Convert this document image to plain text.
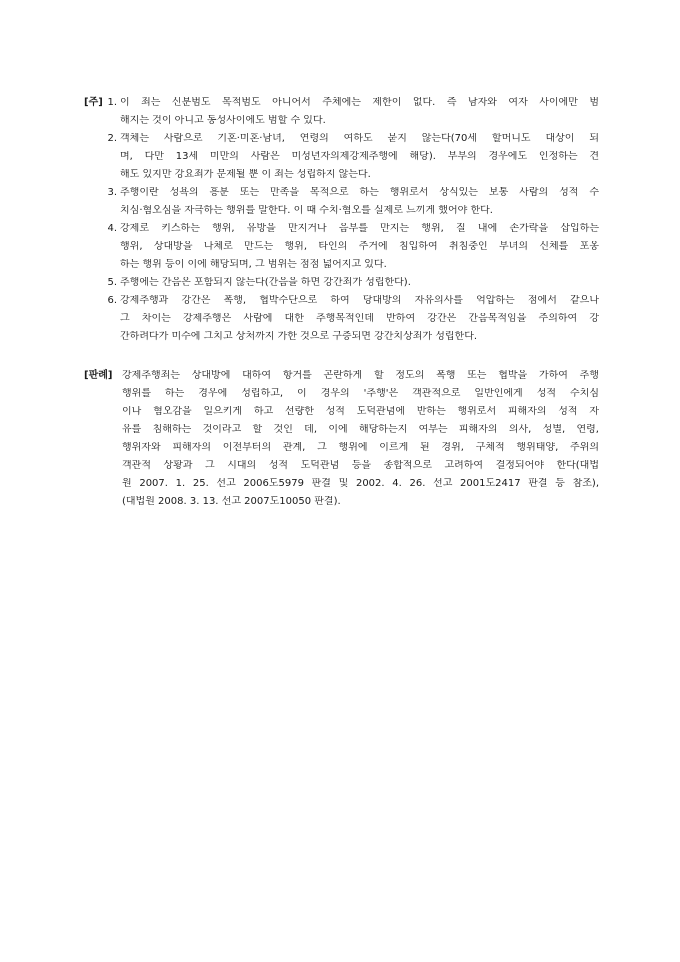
[주] 1. 이 죄는 신분범도 목적범도 아니어서 주체에는 제한이 없다. 즉 남자와 여자 사이에만 범
해지는 것이 아니고 동성사이에도 범할 수 있다.
2. 객체는 사람으로 기혼·미혼·남녀, 연령의 여하도 묻지 않는다(70세 할머니도 대상이 되
며, 다만 13세 미만의 사람은 미성년자의제강제추행에 해당). 부부의 경우에도 인정하는 견
해도 있지만 강요죄가 문제될 뿐 이 죄는 성립하지 않는다.
3. 추행이란 성욕의 흥분 또는 만족을 목적으로 하는 행위로서 상식있는 보통 사람의 성적 수
치심·혐오심을 자극하는 행위를 말한다. 이 때 수치·혐오를 실제로 느끼게 했어야 한다.
4. 강제로 키스하는 행위, 유방을 만지거나 음부를 만지는 행위, 질 내에 손가락을 삽입하는
행위, 상대방을 나체로 만드는 행위, 타인의 주거에 침입하여 취침중인 부녀의 신체를 포옹
하는 행위 등이 이에 해당되며, 그 범위는 점점 넓어지고 있다.
5. 추행에는 간음은 포함되지 않는다(간음을 하면 강간죄가 성립한다).
6. 강제추행과 강간은 폭행, 협박수단으로 하여 당대방의 자유의사를 억압하는 점에서 같으나
그 차이는 강제추행은 사람에 대한 추행목적인데 반하여 강간은 간음목적임을 주의하여 강
간하려다가 미수에 그치고 상처까지 가한 것으로 구증되면 강간치상죄가 성립한다.
[판례] 강제추행죄는 상대방에 대하여 항거를 곤란하게 할 정도의 폭행 또는 협박을 가하여 추행
행위를 하는 경우에 성립하고, 이 경우의 '추행'은 객관적으로 일반인에게 성적 수치심
이나 혐오감을 일으키게 하고 선량한 성적 도덕관념에 반하는 행위로서 피해자의 성적 자
유를 침해하는 것이라고 할 것인 데, 이에 해당하는지 여부는 피해자의 의사, 성별, 연령,
행위자와 피해자의 이전부터의 관계, 그 행위에 이르게 된 경위, 구체적 행위태양, 주위의
객관적 상황과 그 시대의 성적 도덕관념 등을 종합적으로 고려하여 결정되어야 한다(대법
원 2007. 1. 25. 선고 2006도5979 판결 및 2002. 4. 26. 선고 2001도2417 판결 등 참조),
(대법원 2008. 3. 13. 선고 2007도10050 판결).
